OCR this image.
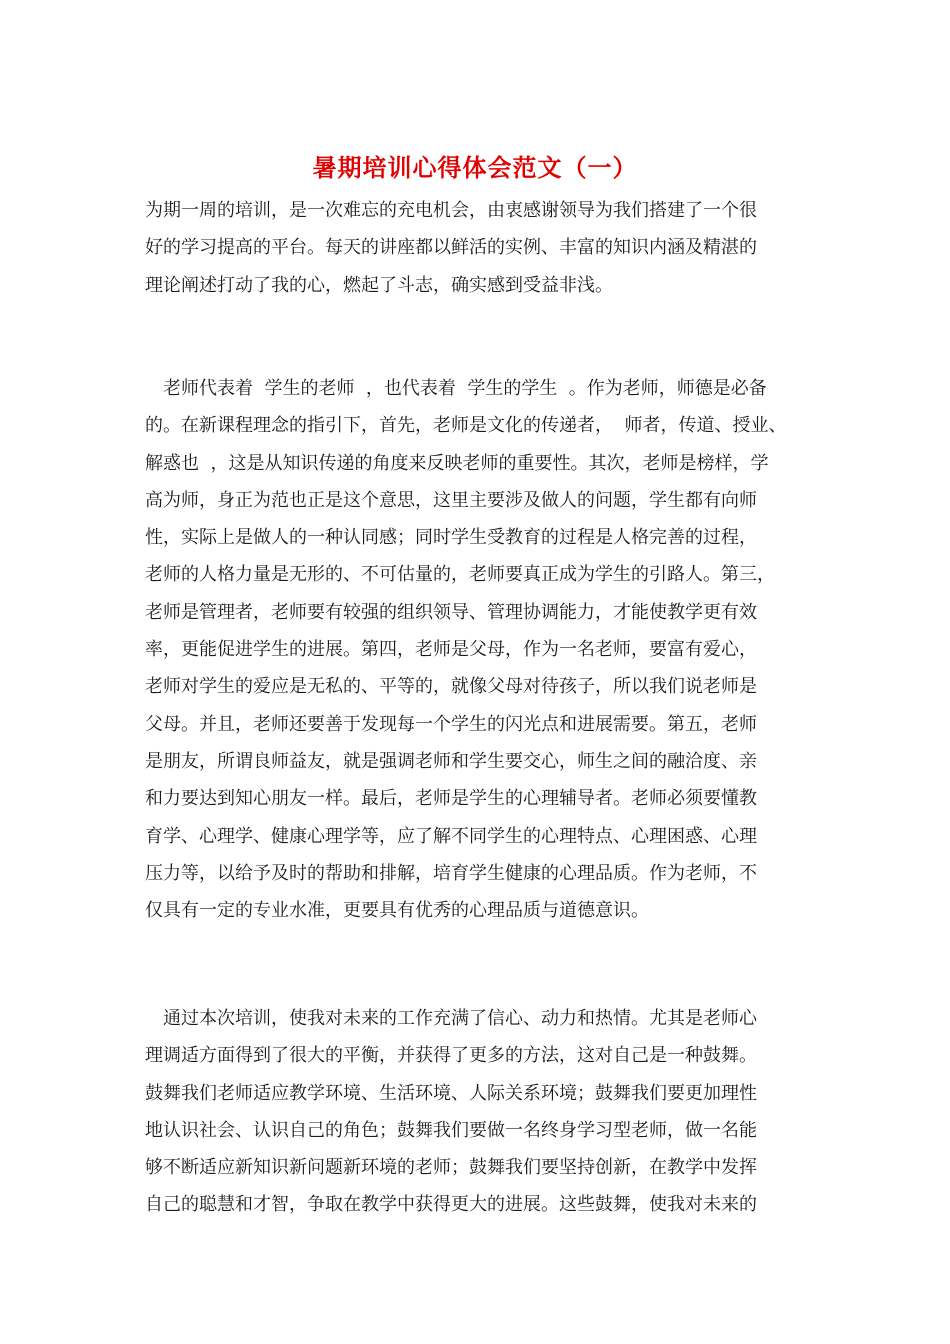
暑期培训心得体会范文（一）
为期一周的培训，是一次难忘的充电机会，由衷感谢领导为我们搭建了一个很
好的学习提高的平台。每天的讲座都以鲜活的实例、丰富的知识内涵及精湛的
理论阐述打动了我的心，燃起了斗志，确实感到受益非浅。
　老师代表着  学生的老师  ，也代表着  学生的学生  。作为老师，师德是必备
的。在新课程理念的指引下，首先，老师是文化的传递者，  师者，传道、授业、
解惑也  ，这是从知识传递的角度来反映老师的重要性。其次，老师是榜样，学
高为师，身正为范也正是这个意思，这里主要涉及做人的问题，学生都有向师
性，实际上是做人的一种认同感；同时学生受教育的过程是人格完善的过程，
老师的人格力量是无形的、不可估量的，老师要真正成为学生的引路人。第三，
老师是管理者，老师要有较强的组织领导、管理协调能力，才能使教学更有效
率，更能促进学生的进展。第四，老师是父母，作为一名老师，要富有爱心，
老师对学生的爱应是无私的、平等的，就像父母对待孩子，所以我们说老师是
父母。并且，老师还要善于发现每一个学生的闪光点和进展需要。第五，老师
是朋友，所谓良师益友，就是强调老师和学生要交心，师生之间的融洽度、亲
和力要达到知心朋友一样。最后，老师是学生的心理辅导者。老师必须要懂教
育学、心理学、健康心理学等，应了解不同学生的心理特点、心理困惑、心理
压力等，以给予及时的帮助和排解，培育学生健康的心理品质。作为老师，不
仅具有一定的专业水准，更要具有优秀的心理品质与道德意识。
　通过本次培训，使我对未来的工作充满了信心、动力和热情。尤其是老师心
理调适方面得到了很大的平衡，并获得了更多的方法，这对自己是一种鼓舞。
鼓舞我们老师适应教学环境、生活环境、人际关系环境；鼓舞我们要更加理性
地认识社会、认识自己的角色；鼓舞我们要做一名终身学习型老师，做一名能
够不断适应新知识新问题新环境的老师；鼓舞我们要坚持创新，在教学中发挥
自己的聪慧和才智，争取在教学中获得更大的进展。这些鼓舞，使我对未来的
